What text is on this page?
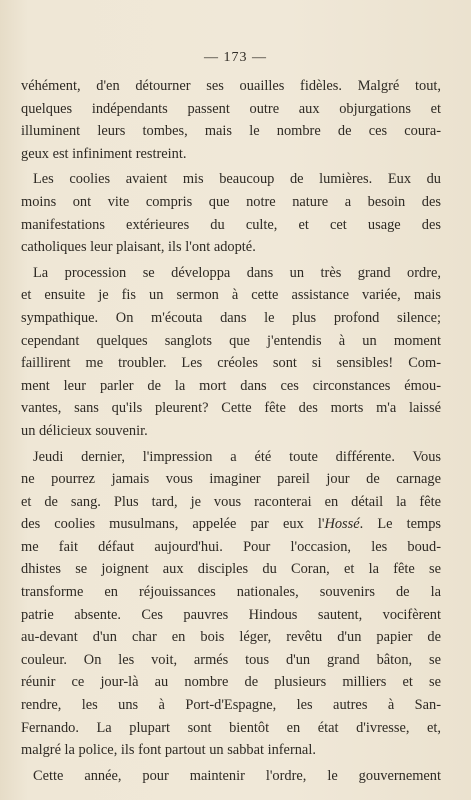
— 173 —
véhément, d'en détourner ses ouailles fidèles. Malgré tout,
quelques indépendants passent outre aux objurgations et
illuminent leurs tombes, mais le nombre de ces coura-
geux est infiniment restreint.
Les coolies avaient mis beaucoup de lumières. Eux du
moins ont vite compris que notre nature a besoin des
manifestations extérieures du culte, et cet usage des
catholiques leur plaisant, ils l'ont adopté.
La procession se développa dans un très grand ordre,
et ensuite je fis un sermon à cette assistance variée, mais
sympathique. On m'écouta dans le plus profond silence;
cependant quelques sanglots que j'entendis à un moment
faillirent me troubler. Les créoles sont si sensibles! Com-
ment leur parler de la mort dans ces circonstances émou-
vantes, sans qu'ils pleurent? Cette fête des morts m'a laissé
un délicieux souvenir.
Jeudi dernier, l'impression a été toute différente. Vous
ne pourrez jamais vous imaginer pareil jour de carnage
et de sang. Plus tard, je vous raconterai en détail la fête
des coolies musulmans, appelée par eux l'Hossé. Le temps
me fait défaut aujourd'hui. Pour l'occasion, les boud-
dhistes se joignent aux disciples du Coran, et la fête se
transforme en réjouissances nationales, souvenirs de la
patrie absente. Ces pauvres Hindous sautent, vocifèrent
au-devant d'un char en bois léger, revêtu d'un papier de
couleur. On les voit, armés tous d'un grand bâton, se
réunir ce jour-là au nombre de plusieurs milliers et se
rendre, les uns à Port-d'Espagne, les autres à San-
Fernando. La plupart sont bientôt en état d'ivresse, et,
malgré la police, ils font partout un sabbat infernal.
Cette année, pour maintenir l'ordre, le gouvernement
